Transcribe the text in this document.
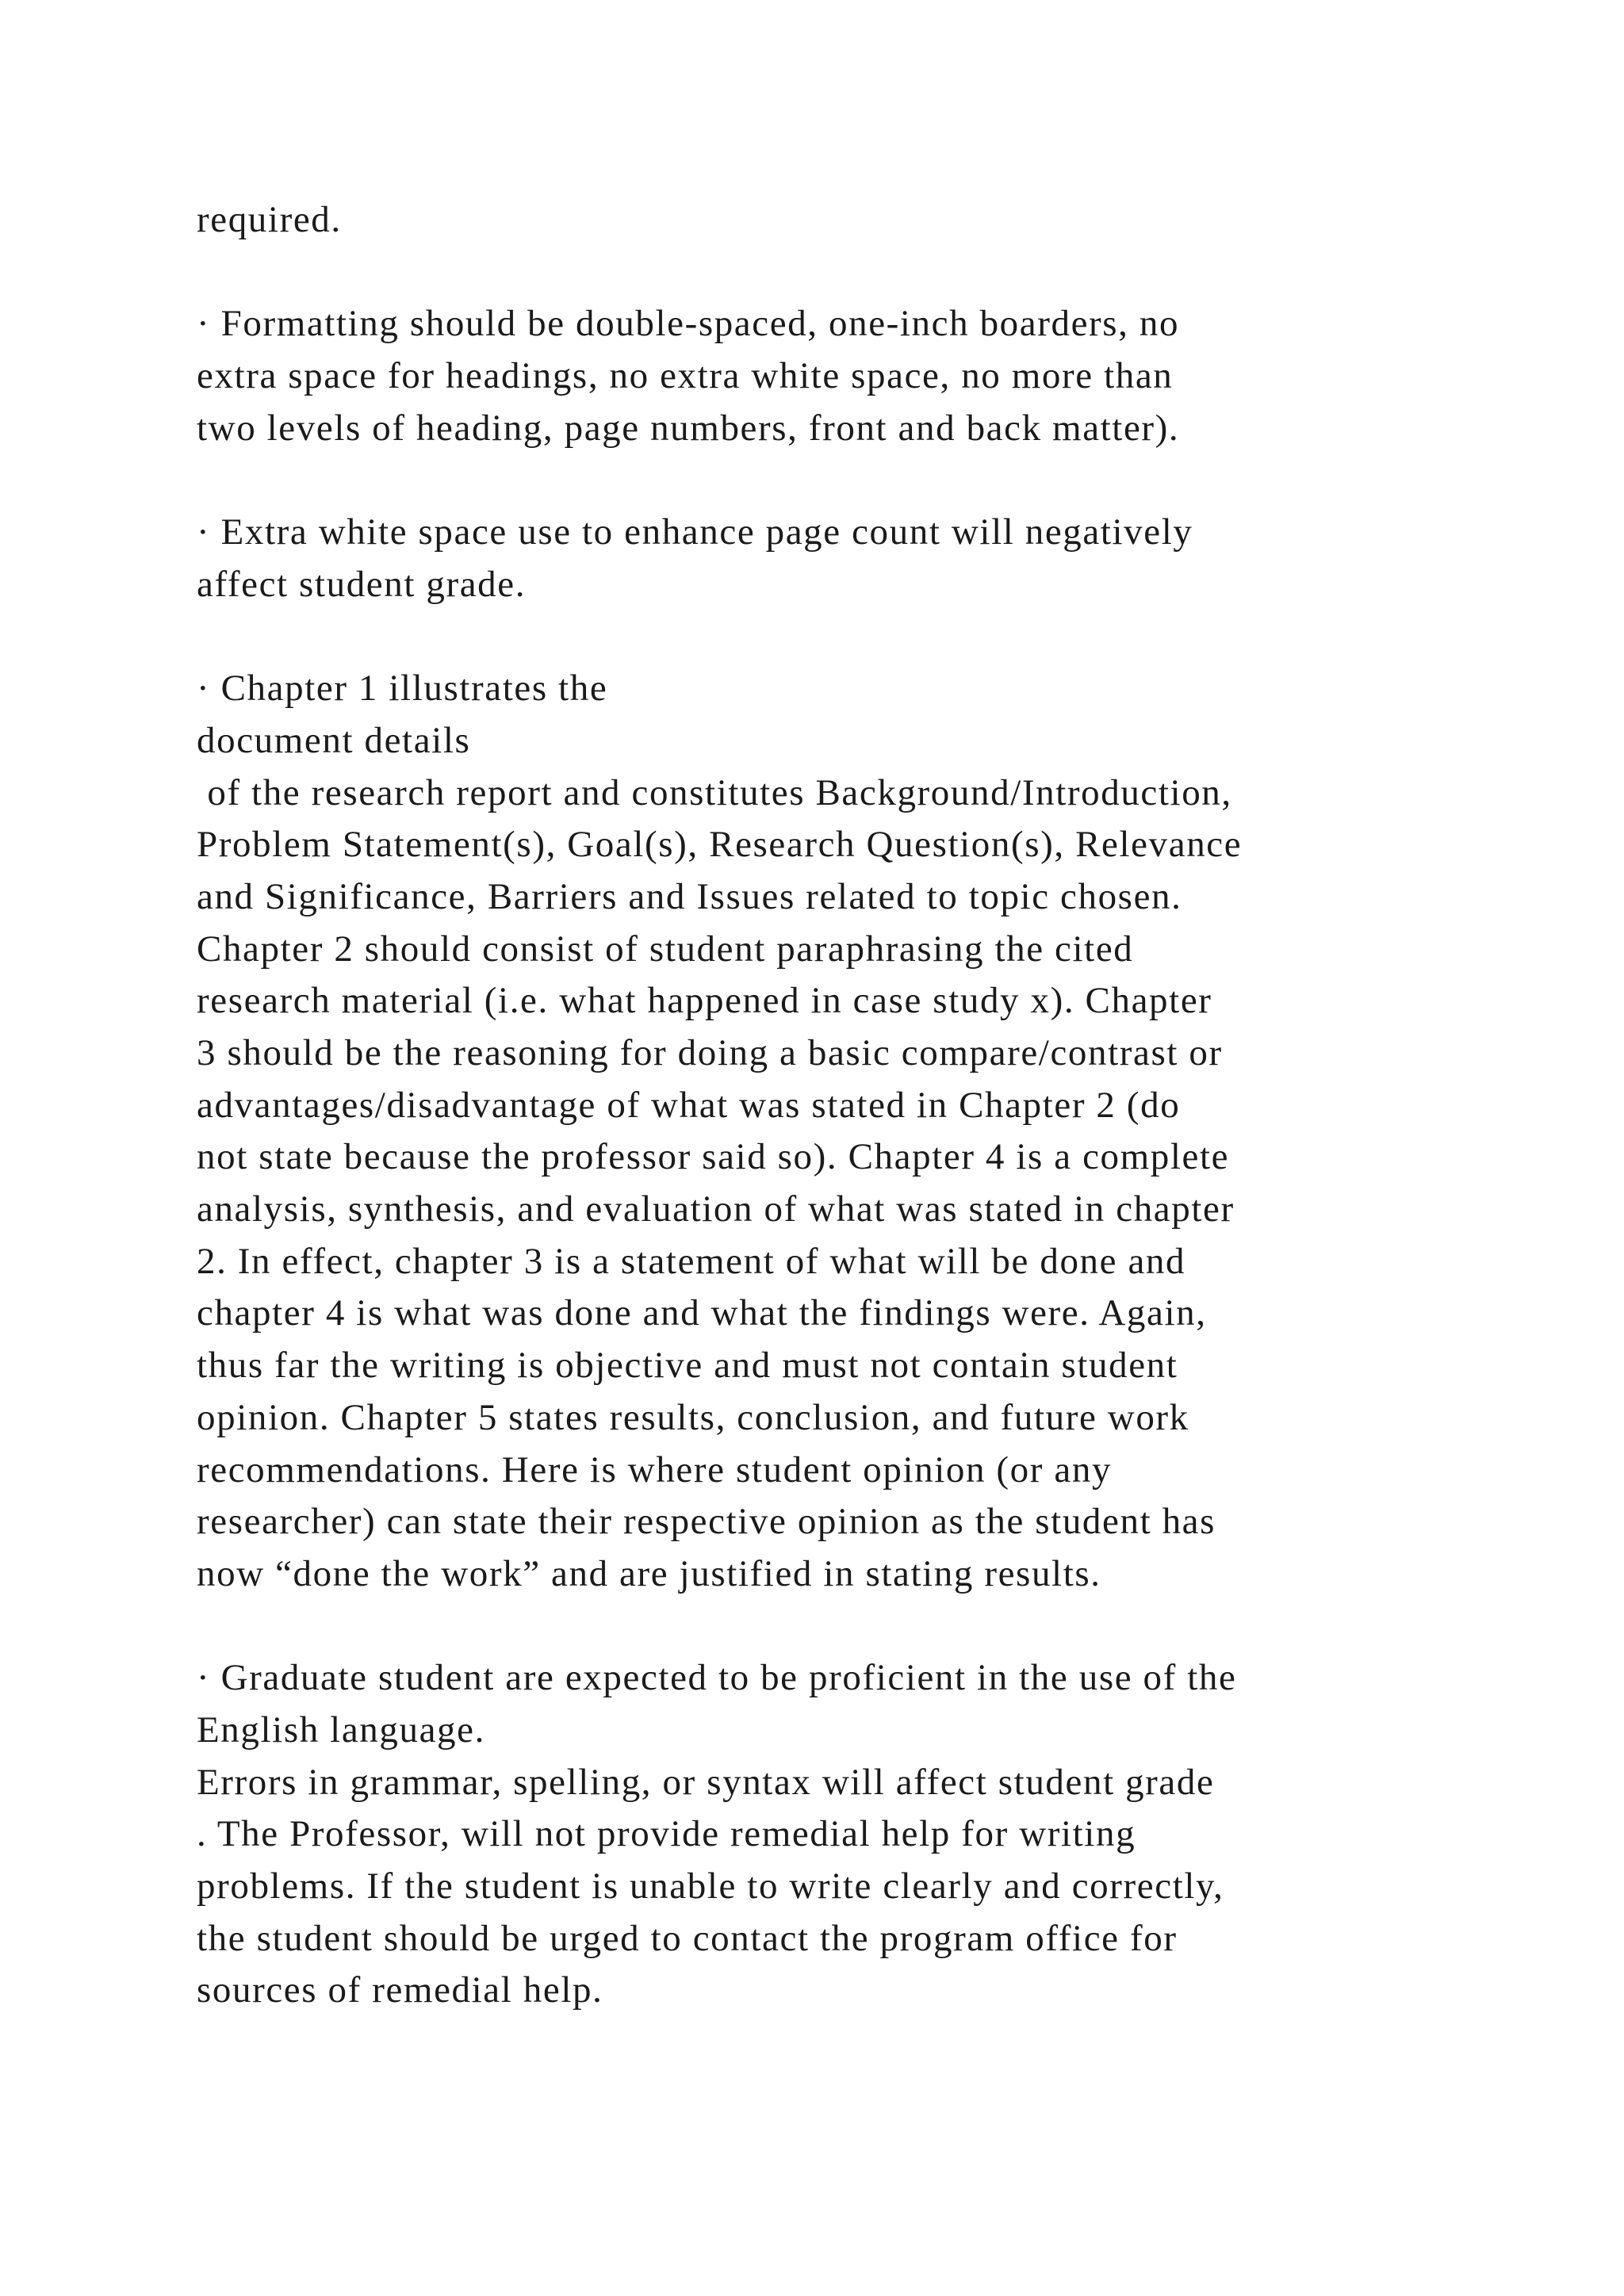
required.
· Formatting should be double-spaced, one-inch boarders, no
extra space for headings, no extra white space, no more than
two levels of heading, page numbers, front and back matter).
· Extra white space use to enhance page count will negatively
affect student grade.
· Chapter 1 illustrates the
document details
of the research report and constitutes Background/Introduction,
Problem Statement(s), Goal(s), Research Question(s), Relevance
and Significance, Barriers and Issues related to topic chosen.
Chapter 2 should consist of student paraphrasing the cited
research material (i.e. what happened in case study x). Chapter
3 should be the reasoning for doing a basic compare/contrast or
advantages/disadvantage of what was stated in Chapter 2 (do
not state because the professor said so). Chapter 4 is a complete
analysis, synthesis, and evaluation of what was stated in chapter
2. In effect, chapter 3 is a statement of what will be done and
chapter 4 is what was done and what the findings were. Again,
thus far the writing is objective and must not contain student
opinion. Chapter 5 states results, conclusion, and future work
recommendations. Here is where student opinion (or any
researcher) can state their respective opinion as the student has
now “done the work” and are justified in stating results.
· Graduate student are expected to be proficient in the use of the
English language.
Errors in grammar, spelling, or syntax will affect student grade
. The Professor, will not provide remedial help for writing
problems. If the student is unable to write clearly and correctly,
the student should be urged to contact the program office for
sources of remedial help.
